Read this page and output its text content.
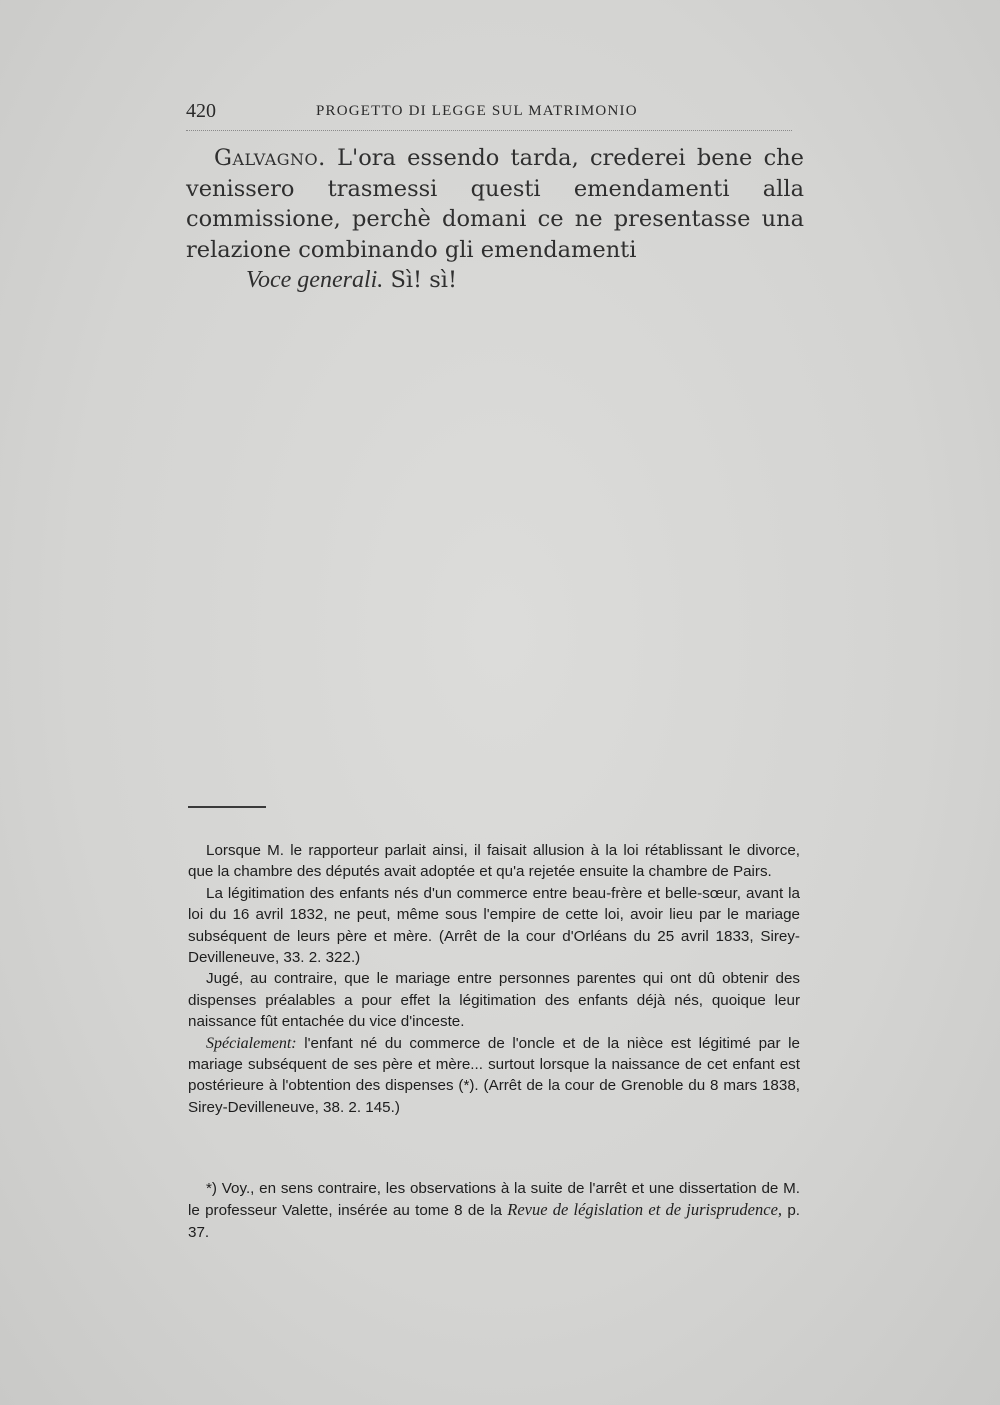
420	PROGETTO DI LEGGE SUL MATRIMONIO

Galvagno. L'ora essendo tarda, crederei bene che venissero trasmessi questi emendamenti alla commissione, perchè domani ce ne presentasse una relazione combinando gli emendamenti

Voce generali. Sì! sì!

Lorsque M. le rapporteur parlait ainsi, il faisait allusion à la loi rétablissant le divorce, que la chambre des députés avait adoptée et qu'a rejetée ensuite la chambre de Pairs.

La légitimation des enfants nés d'un commerce entre beau-frère et belle-sœur, avant la loi du 16 avril 1832, ne peut, même sous l'empire de cette loi, avoir lieu par le mariage subséquent de leurs père et mère. (Arrêt de la cour d'Orléans du 25 avril 1833, Sirey-Devilleneuve, 33. 2. 322.)

Jugé, au contraire, que le mariage entre personnes parentes qui ont dû obtenir des dispenses préalables a pour effet la légitimation des enfants déjà nés, quoique leur naissance fût entachée du vice d'inceste.

Spécialement: l'enfant né du commerce de l'oncle et de la nièce est légitimé par le mariage subséquent de ses père et mère... surtout lorsque la naissance de cet enfant est postérieure à l'obtention des dispenses (*). (Arrêt de la cour de Grenoble du 8 mars 1838, Sirey-Devilleneuve, 38. 2. 145.)

*) Voy., en sens contraire, les observations à la suite de l'arrêt et une dissertation de M. le professeur Valette, insérée au tome 8 de la Revue de législation et de jurisprudence, p. 37.
